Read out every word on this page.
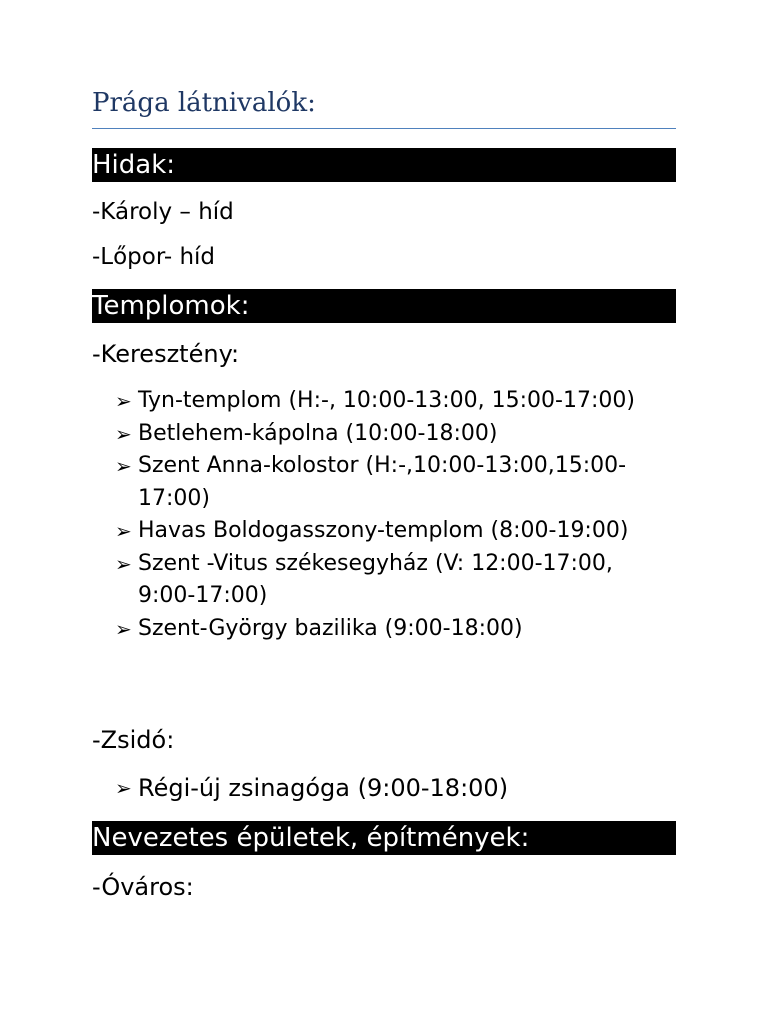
Prága látnivalók:
Hidak:
-Károly – híd
-Lőpor- híd
Templomok:
-Keresztény:
➢ Tyn-templom (H:-, 10:00-13:00, 15:00-17:00)
➢ Betlehem-kápolna (10:00-18:00)
➢ Szent Anna-kolostor (H:-,10:00-13:00,15:00-17:00)
➢ Havas Boldogasszony-templom (8:00-19:00)
➢ Szent -Vitus székesegyház (V: 12:00-17:00, 9:00-17:00)
➢ Szent-György bazilika (9:00-18:00)
-Zsidó:
➢ Régi-új zsinagóga (9:00-18:00)
Nevezetes épületek, építmények:
-Óváros:
